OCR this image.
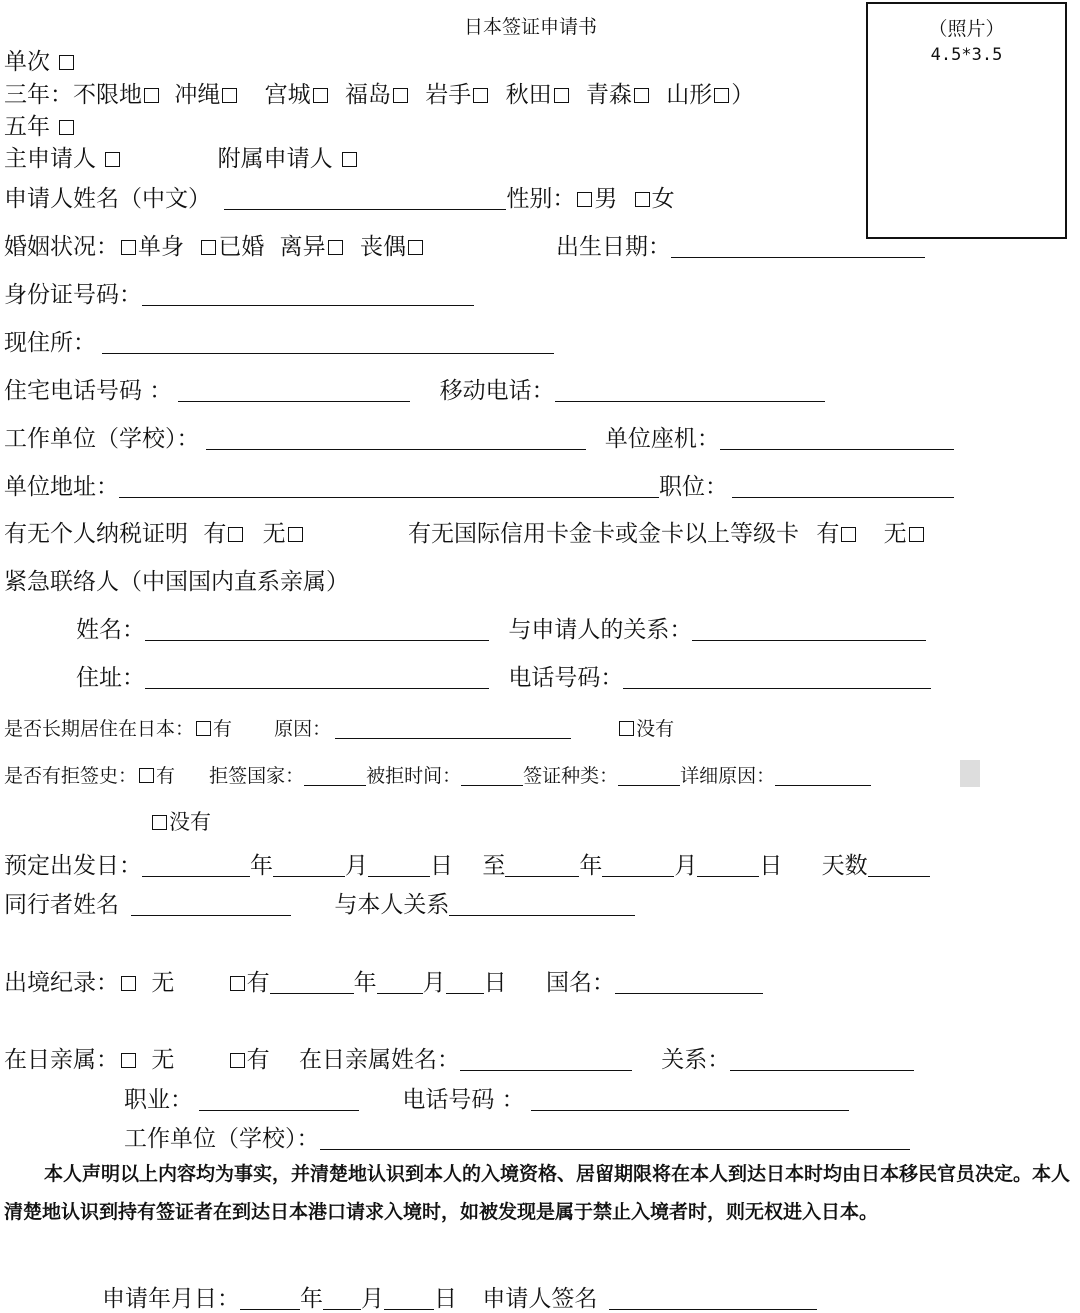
日本签证申请书	（照片）
4.5*3.5
单次
三年：不限地 冲绳 宫城 福岛 岩手 秋田 青森 山形 ）
五年
主申请人	附属申请人
申请人姓名（中文）	性别： 男 女
婚姻状况： 单身 已婚 离异 丧偶	出生日期：
身份证号码：
现住所：
住宅电话号码 ：	移动电话：
工作单位（学校）：	单位座机：
单位地址：	职位：
有无个人纳税证明 有 无	有无国际信用卡金卡或金卡以上等级卡 有 无
紧急联络人（中国国内直系亲属）
姓名：	与申请人的关系：
住址：	电话号码：
是否长期居住在日本： 有 原因：	没有
是否有拒签史： 有 拒签国家：	被拒时间：	签证种类：	详细原因：
没有
预定出发日：	年	月	日 至	年	月	日 天数
同行者姓名	与本人关系
出境纪录： 无	有	年 月 日 国名：
在日亲属： 无	有 在日亲属姓名：	关系：
职业：	电话号码 ：
工作单位（学校）：
本人声明以上内容均为事实，并清楚地认识到本人的入境资格、居留期限将在本人到达日本时均由日本移民官员决定。本人清楚地认识到持有签证者在到达日本港口请求入境时，如被发现是属于禁止入境者时，则无权进入日本。
申请年月日：	年 月 日 申请人签名
